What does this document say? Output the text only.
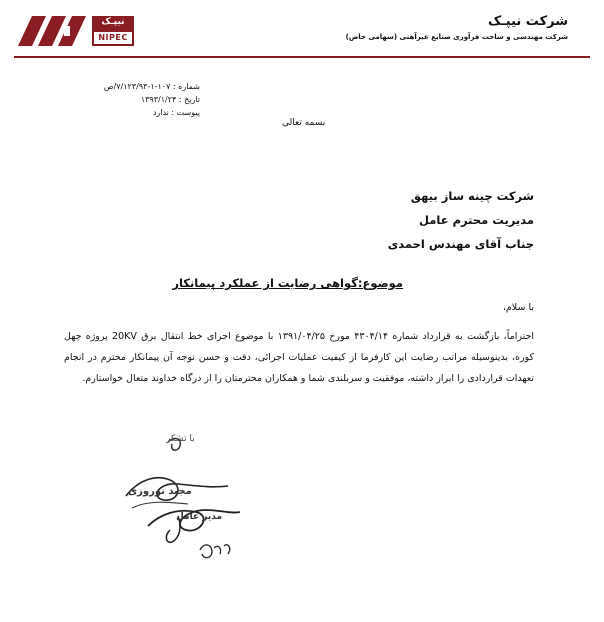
نیپـک
NIPEC
شرکت نیپـک
شرکت مهندسی و ساخت فرآوری صنایع غیرآهنی (سهامی خاص)
شماره : ۱۰۷-۱-۷/۱۲۳/۹۳/ص
تاریخ : ۱۳۹۳/۱/۲۴
پیوست : ندارد
بسمه تعالی
شرکت چینه ساز بیهق
مدیریت محترم عامل
جناب آقای مهندس احمدی
موضوع:گواهی رضایت از عملکرد پیمانکار
با سلام،

احتراماً، بازگشت به قرارداد شماره ۴۳۰۴/۱۴ مورخ ۱۳۹۱/۰۴/۲۵ با موضوع اجرای خط انتقال برق 20KV پروژه چهل کوره، بدینوسیله مراتب رضایت این کارفرما از کیفیت عملیات اجرائی، دقت و حسن توجه آن پیمانکار محترم در انجام تعهدات قراردادی را ابراز داشته، موفقیت و سربلندی شما و همکاران محترمتان را از درگاه خداوند متعال خواستارم.

با تشکر
مجید نوروزی
مدیر عامل
